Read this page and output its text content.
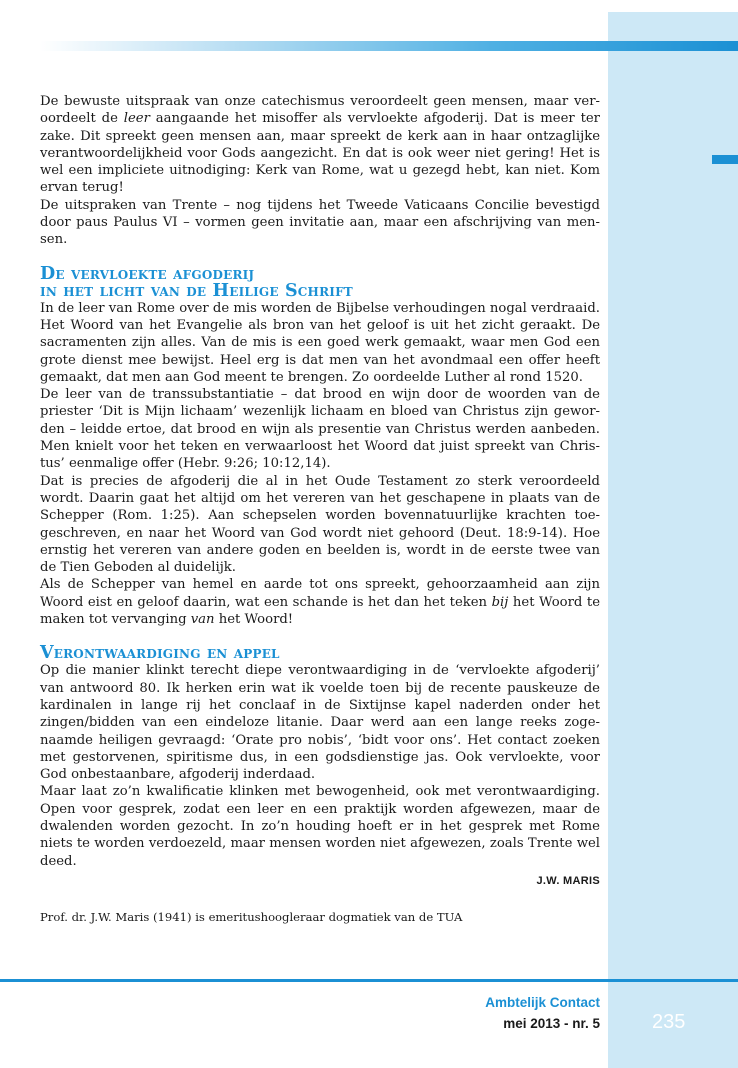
De bewuste uitspraak van onze catechismus veroordeelt geen mensen, maar veroordeelt de leer aangaande het misoffer als vervloekte afgoderij. Dat is meer ter zake. Dit spreekt geen mensen aan, maar spreekt de kerk aan in haar ontzaglijke verantwoordelijkheid voor Gods aangezicht. En dat is ook weer niet gering! Het is wel een impliciete uitnodiging: Kerk van Rome, wat u gezegd hebt, kan niet. Kom ervan terug!

De uitspraken van Trente – nog tijdens het Tweede Vaticaans Concilie bevestigd door paus Paulus VI – vormen geen invitatie aan, maar een afschrijving van mensen.

De vervloekte afgoderij
in het licht van de Heilige Schrift

In de leer van Rome over de mis worden de Bijbelse verhoudingen nogal verdraaid. Het Woord van het Evangelie als bron van het geloof is uit het zicht geraakt. De sacramenten zijn alles. Van de mis is een goed werk gemaakt, waar men God een grote dienst mee bewijst. Heel erg is dat men van het avondmaal een offer heeft gemaakt, dat men aan God meent te brengen. Zo oordeelde Luther al rond 1520.

De leer van de transsubstantiatie – dat brood en wijn door de woorden van de priester ‘Dit is Mijn lichaam’ wezenlijk lichaam en bloed van Christus zijn geworden – leidde ertoe, dat brood en wijn als presentie van Christus werden aanbeden. Men knielt voor het teken en verwaarloost het Woord dat juist spreekt van Christus’ eenmalige offer (Hebr. 9:26; 10:12,14).

Dat is precies de afgoderij die al in het Oude Testament zo sterk veroordeeld wordt. Daarin gaat het altijd om het vereren van het geschapene in plaats van de Schepper (Rom. 1:25). Aan schepselen worden bovennatuurlijke krachten toegeschreven, en naar het Woord van God wordt niet gehoord (Deut. 18:9-14). Hoe ernstig het vereren van andere goden en beelden is, wordt in de eerste twee van de Tien Geboden al duidelijk.

Als de Schepper van hemel en aarde tot ons spreekt, gehoorzaamheid aan zijn Woord eist en geloof daarin, wat een schande is het dan het teken bij het Woord te maken tot vervanging van het Woord!

Verontwaardiging en appel

Op die manier klinkt terecht diepe verontwaardiging in de ‘vervloekte afgoderij’ van antwoord 80. Ik herken erin wat ik voelde toen bij de recente pauskeuze de kardinalen in lange rij het conclaaf in de Sixtijnse kapel naderden onder het zingen/bidden van een eindeloze litanie. Daar werd aan een lange reeks zogenaamde heiligen gevraagd: ‘Orate pro nobis’, ‘bidt voor ons’. Het contact zoeken met gestorvenen, spiritisme dus, in een godsdienstige jas. Ook vervloekte, voor God onbestaanbare, afgoderij inderdaad.

Maar laat zo’n kwalificatie klinken met bewogenheid, ook met verontwaardiging. Open voor gesprek, zodat een leer en een praktijk worden afgewezen, maar de dwalenden worden gezocht. In zo’n houding hoeft er in het gesprek met Rome niets te worden verdoezeld, maar mensen worden niet afgewezen, zoals Trente wel deed.

J.W. MARIS
Prof. dr. J.W. Maris (1941) is emeritushoogleraar dogmatiek van de TUA
Ambtelijk Contact
mei 2013 - nr. 5	235
